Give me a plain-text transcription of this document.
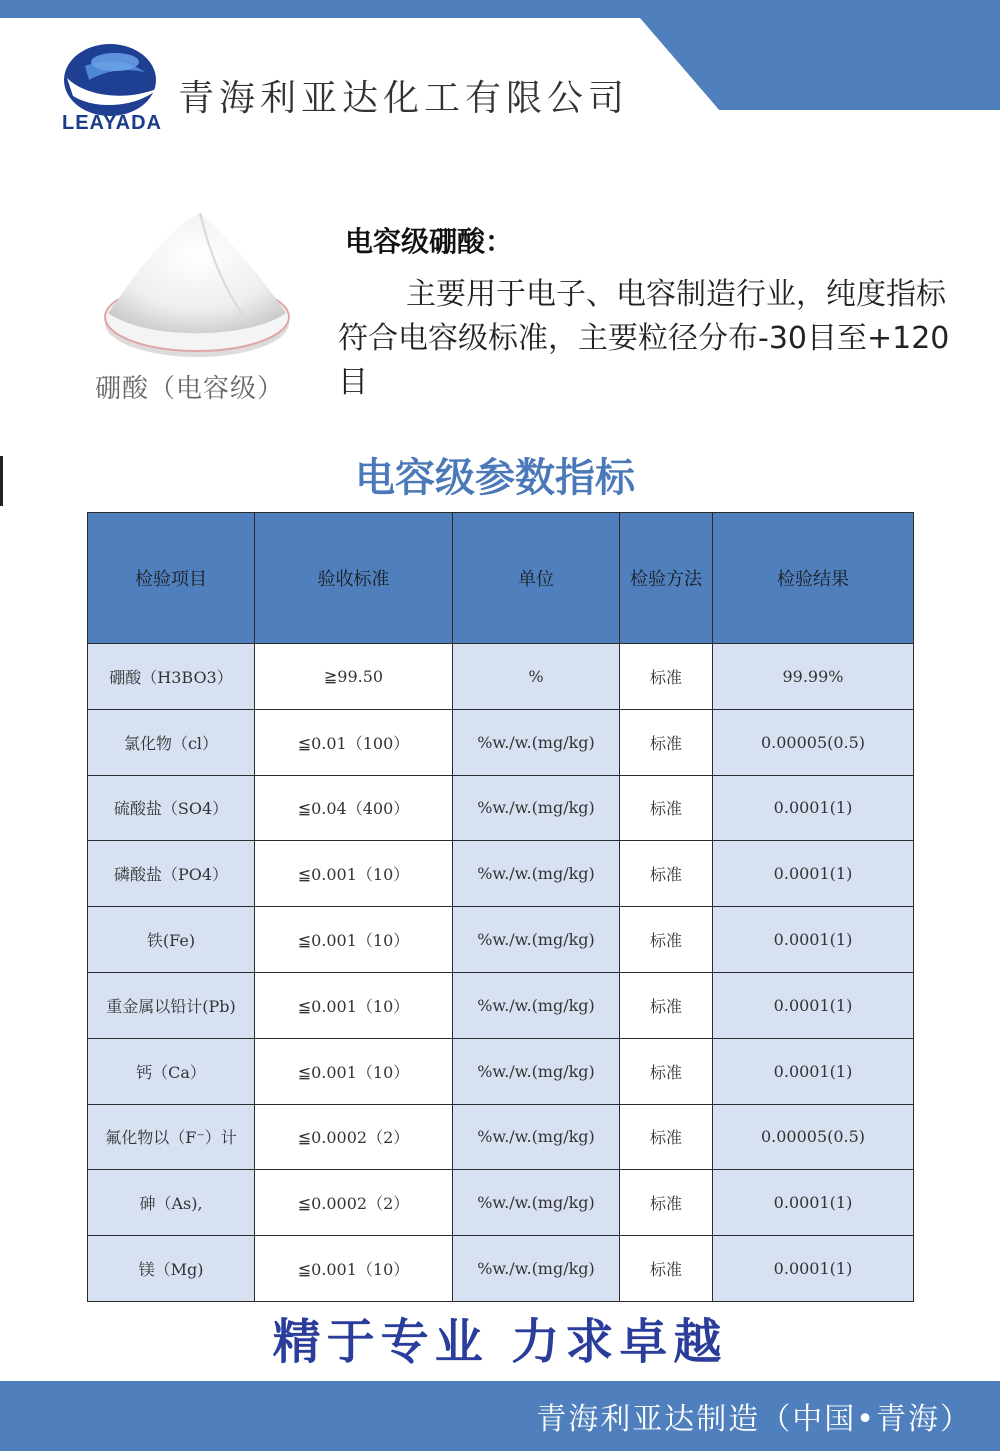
LEAYADA
青海利亚达化工有限公司
硼酸（电容级）
电容级硼酸：
主要用于电子、电容制造行业，纯度指标符合电容级标准，主要粒径分布-30目至+120目
电容级参数指标
检验项目	验收标准	单位	检验方法	检验结果
硼酸（H3BO3）	≧99.50	%	标准	99.99%
氯化物（cl）	≦0.01（100）	%w./w.(mg/kg)	标准	0.00005(0.5)
硫酸盐（SO4）	≦0.04（400）	%w./w.(mg/kg)	标准	0.0001(1)
磷酸盐（PO4）	≦0.001（10）	%w./w.(mg/kg)	标准	0.0001(1)
铁(Fe)	≦0.001（10）	%w./w.(mg/kg)	标准	0.0001(1)
重金属以铅计(Pb)	≦0.001（10）	%w./w.(mg/kg)	标准	0.0001(1)
钙（Ca）	≦0.001（10）	%w./w.(mg/kg)	标准	0.0001(1)
氟化物以（F⁻）计	≦0.0002（2）	%w./w.(mg/kg)	标准	0.00005(0.5)
砷（As),	≦0.0002（2）	%w./w.(mg/kg)	标准	0.0001(1)
镁（Mg)	≦0.001（10）	%w./w.(mg/kg)	标准	0.0001(1)
精于专业 力求卓越
青海利亚达制造（中国•青海）
